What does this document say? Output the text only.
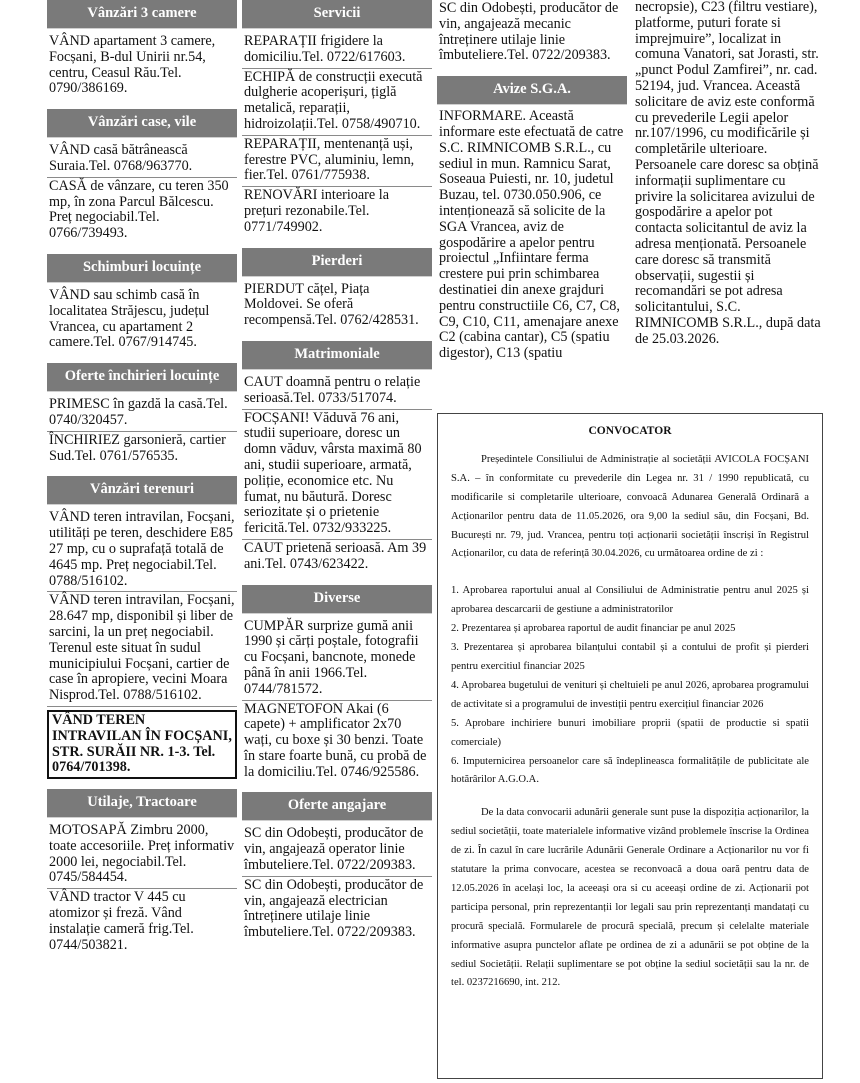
Vânzări 3 camere
VÂND apartament 3 camere, Focșani, B-dul Unirii nr.54, centru, Ceasul Rău.Tel. 0790/386169.
Vânzări case, vile
VÂND casă bătrânească Suraia.Tel. 0768/963770.
CASĂ de vânzare, cu teren 350 mp, în zona Parcul Bălcescu. Preț negociabil.Tel. 0766/739493.
Schimburi locuințe
VÂND sau schimb casă în localitatea Străjescu, județul Vrancea, cu apartament 2 camere.Tel. 0767/914745.
Oferte închirieri locuințe
PRIMESC în gazdă la casă.Tel. 0740/320457.
ÎNCHIRIEZ garsonieră, cartier Sud.Tel. 0761/576535.
Vânzări terenuri
VÂND teren intravilan, Focșani, utilități pe teren, deschidere E85 27 mp, cu o suprafață totală de 4645 mp. Preț negociabil.Tel. 0788/516102.
VÂND teren intravilan, Focșani, 28.647 mp, disponibil și liber de sarcini, la un preț negociabil. Terenul este situat în sudul municipiului Focșani, cartier de case în apropiere, vecini Moara Nisprod.Tel. 0788/516102.
VÂND TEREN INTRAVILAN ÎN FOCȘANI, STR. SURĂII NR. 1-3. Tel. 0764/701398.
Utilaje, Tractoare
MOTOSAPĂ Zimbru 2000, toate accesoriile. Preț informativ 2000 lei, negociabil.Tel. 0745/584454.
VÂND tractor V 445 cu atomizor și freză. Vând instalație cameră frig.Tel. 0744/503821.
Servicii
REPARAȚII frigidere la domiciliu.Tel. 0722/617603.
ECHIPĂ de construcții execută dulgherie acoperișuri, țiglă metalică, reparații, hidroizolații.Tel. 0758/490710.
REPARAȚII, mentenanță uși, ferestre PVC, aluminiu, lemn, fier.Tel. 0761/775938.
RENOVĂRI interioare la prețuri rezonabile.Tel. 0771/749902.
Pierderi
PIERDUT cățel, Piața Moldovei. Se oferă recompensă.Tel. 0762/428531.
Matrimoniale
CAUT doamnă pentru o relație serioasă.Tel. 0733/517074.
FOCȘANI! Văduvă 76 ani, studii superioare, doresc un domn văduv, vârsta maximă 80 ani, studii superioare, armată, poliție, economice etc. Nu fumat, nu băutură. Doresc seriozitate și o prietenie fericită.Tel. 0732/933225.
CAUT prietenă serioasă. Am 39 ani.Tel. 0743/623422.
Diverse
CUMPĂR surprize gumă anii 1990 și cărți poștale, fotografii cu Focșani, bancnote, monede până în anii 1966.Tel. 0744/781572.
MAGNETOFON Akai (6 capete) + amplificator 2x70 wați, cu boxe și 30 benzi. Toate în stare foarte bună, cu probă de la domiciliu.Tel. 0746/925586.
Oferte angajare
SC din Odobești, producător de vin, angajează operator linie îmbuteliere.Tel. 0722/209383.
SC din Odobești, producător de vin, angajează electrician întreținere utilaje linie îmbuteliere.Tel. 0722/209383.
SC din Odobești, producător de vin, angajează mecanic întreținere utilaje linie îmbuteliere.Tel. 0722/209383.
Avize S.G.A.
INFORMARE. Această informare este efectuată de catre S.C. RIMNICOMB S.R.L., cu sediul in mun. Ramnicu Sarat, Soseaua Puiesti, nr. 10, judetul Buzau, tel. 0730.050.906, ce intenționează să solicite de la SGA Vrancea, aviz de gospodărire a apelor pentru proiectul „Infiintare ferma crestere pui prin schimbarea destinatiei din anexe grajduri pentru constructiile C6, C7, C8, C9, C10, C11, amenajare anexe C2 (cabina cantar), C5 (spatiu digestor), C13 (spatiu
necropsie), C23 (filtru vestiare), platforme, puturi forate si imprejmuire”, localizat in comuna Vanatori, sat Jorasti, str. „punct Podul Zamfirei”, nr. cad. 52194, jud. Vrancea. Această solicitare de aviz este conformă cu prevederile Legii apelor nr.107/1996, cu modificările și completările ulterioare. Persoanele care doresc sa obțină informații suplimentare cu privire la solicitarea avizului de gospodărire a apelor pot contacta solicitantul de aviz la adresa menționată. Persoanele care doresc să transmită observații, sugestii și recomandări se pot adresa solicitantului, S.C. RIMNICOMB S.R.L., după data de 25.03.2026.
CONVOCATOR

Președintele Consiliului de Administrație al societății AVICOLA FOCȘANI S.A. – în conformitate cu prevederile din Legea nr. 31 / 1990 republicată, cu modificarile si completarile ulterioare, convoacă Adunarea Generală Ordinară a Acționarilor pentru data de 11.05.2026, ora 9,00 la sediul său, din Focșani, Bd. București nr. 79, jud. Vrancea, pentru toți acționarii societății înscriși în Registrul Acționarilor, cu data de referință 30.04.2026, cu următoarea ordine de zi :

1. Aprobarea raportului anual al Consiliului de Administratie pentru anul 2025 și aprobarea descarcarii de gestiune a administratorilor
2. Prezentarea și aprobarea raportul de audit financiar pe anul 2025
3. Prezentarea și aprobarea bilanțului contabil și a contului de profit și pierderi pentru exercitiul financiar 2025
4. Aprobarea bugetului de venituri și cheltuieli pe anul 2026, aprobarea programului de activitate si a programului de investiții pentru exercițiul financiar 2026
5. Aprobare inchiriere bunuri imobiliare proprii (spatii de productie si spatii comerciale)
6. Imputernicirea persoanelor care să îndeplineasca formalitățile de publicitate ale hotărârilor A.G.O.A.

De la data convocarii adunării generale sunt puse la dispoziția acționarilor, la sediul societății, toate materialele informative vizând problemele înscrise la Ordinea de zi. În cazul în care lucrările Adunării Generale Ordinare a Acționarilor nu vor fi statutare la prima convocare, acestea se reconvoacă a doua oară pentru data de 12.05.2026 în același loc, la aceeași ora si cu aceeași ordine de zi. Acționarii pot participa personal, prin reprezentanții lor legali sau prin reprezentanți mandatați cu procură specială. Formularele de procură specială, precum și celelalte materiale informative asupra punctelor aflate pe ordinea de zi a adunării se pot obține de la sediul Societății. Relații suplimentare se pot obține la sediul societății sau la nr. de tel. 0237216690, int. 212.
